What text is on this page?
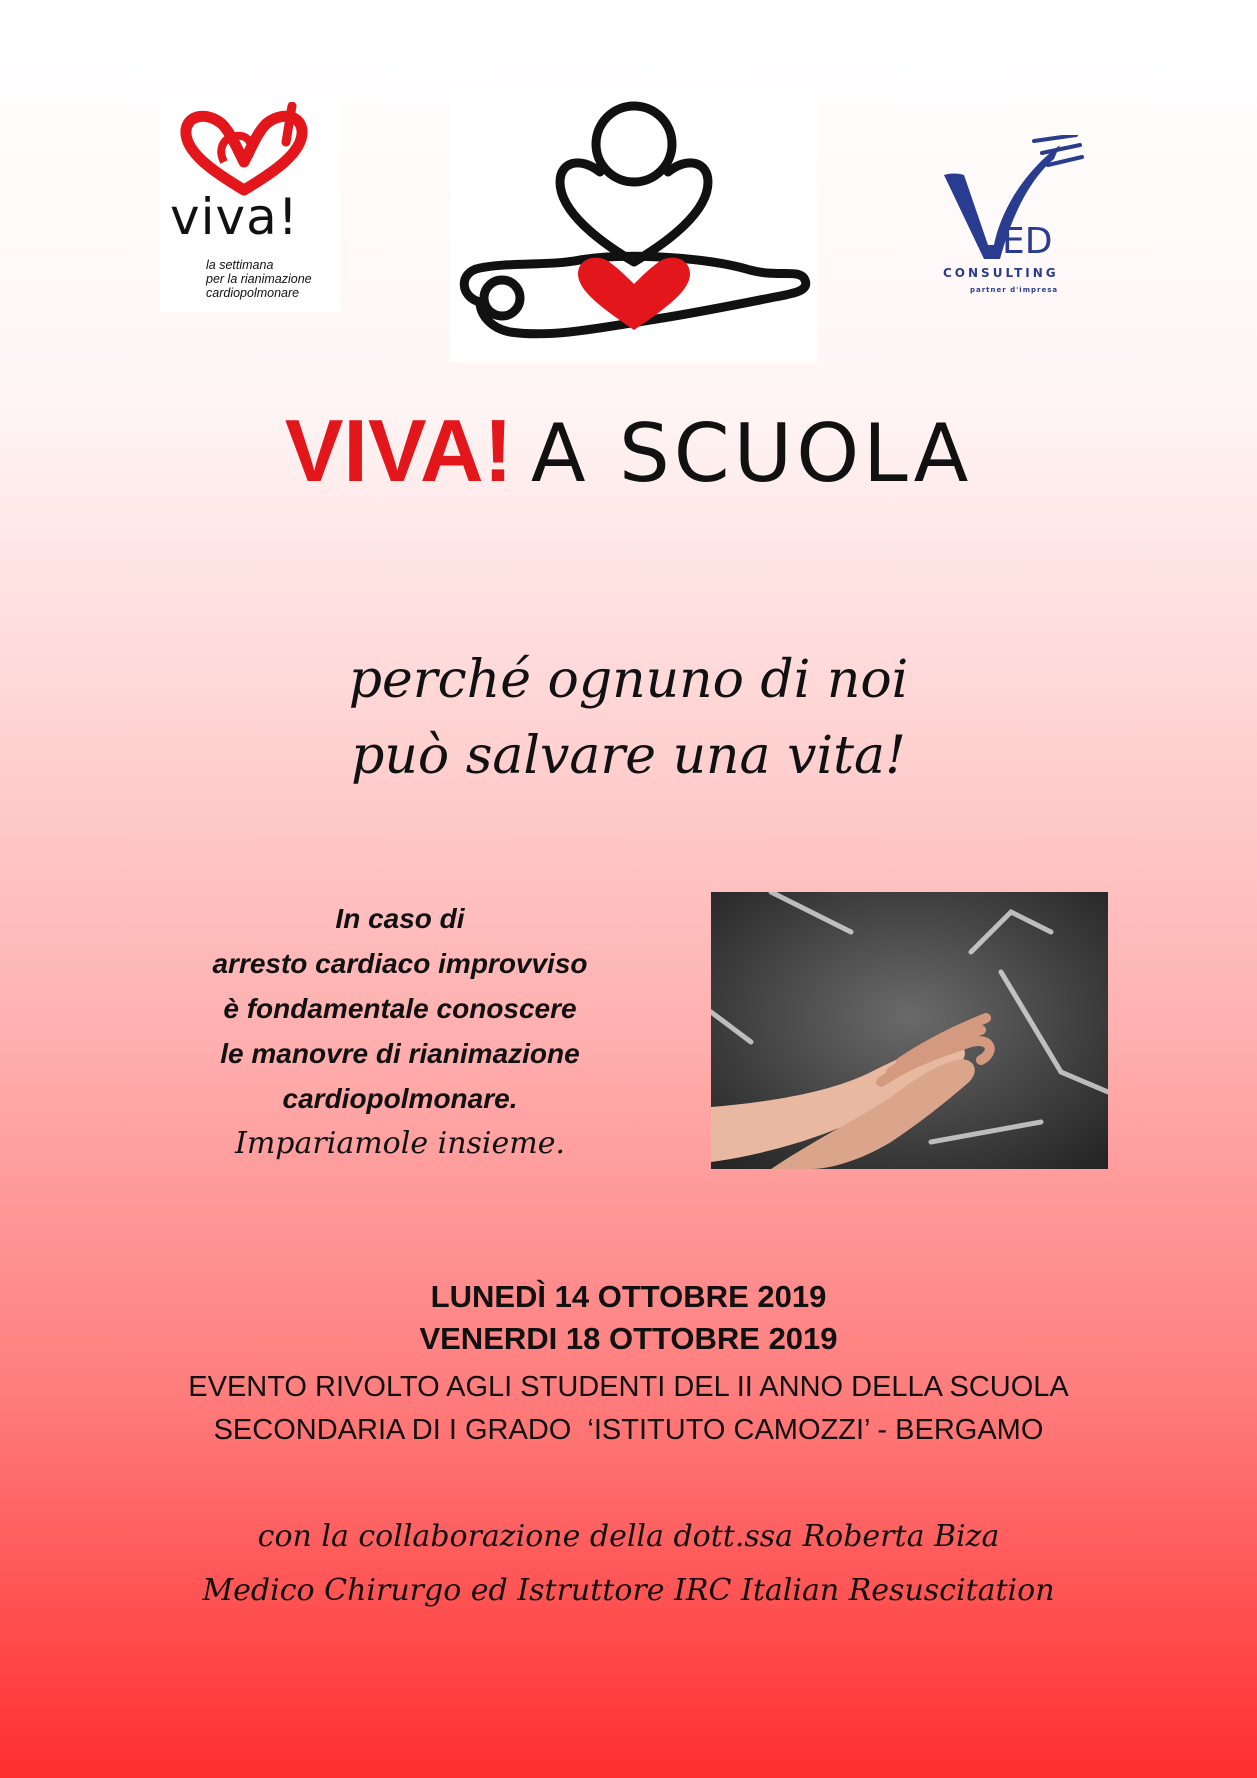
viva!
la settimana
per la rianimazione
cardiopolmonare
ED
CONSULTING
partner d'impresa
VIVA! A SCUOLA
perché ognuno di noi
può salvare una vita!
In caso di
arresto cardiaco improvviso
è fondamentale conoscere
le manovre di rianimazione
cardiopolmonare.
Impariamole insieme.
LUNEDÌ 14 OTTOBRE 2019
VENERDI 18 OTTOBRE 2019
EVENTO RIVOLTO AGLI STUDENTI DEL II ANNO DELLA SCUOLA
SECONDARIA DI I GRADO  ‘ISTITUTO CAMOZZI’ - BERGAMO
con la collaborazione della dott.ssa Roberta Biza
Medico Chirurgo ed Istruttore IRC Italian Resuscitation
